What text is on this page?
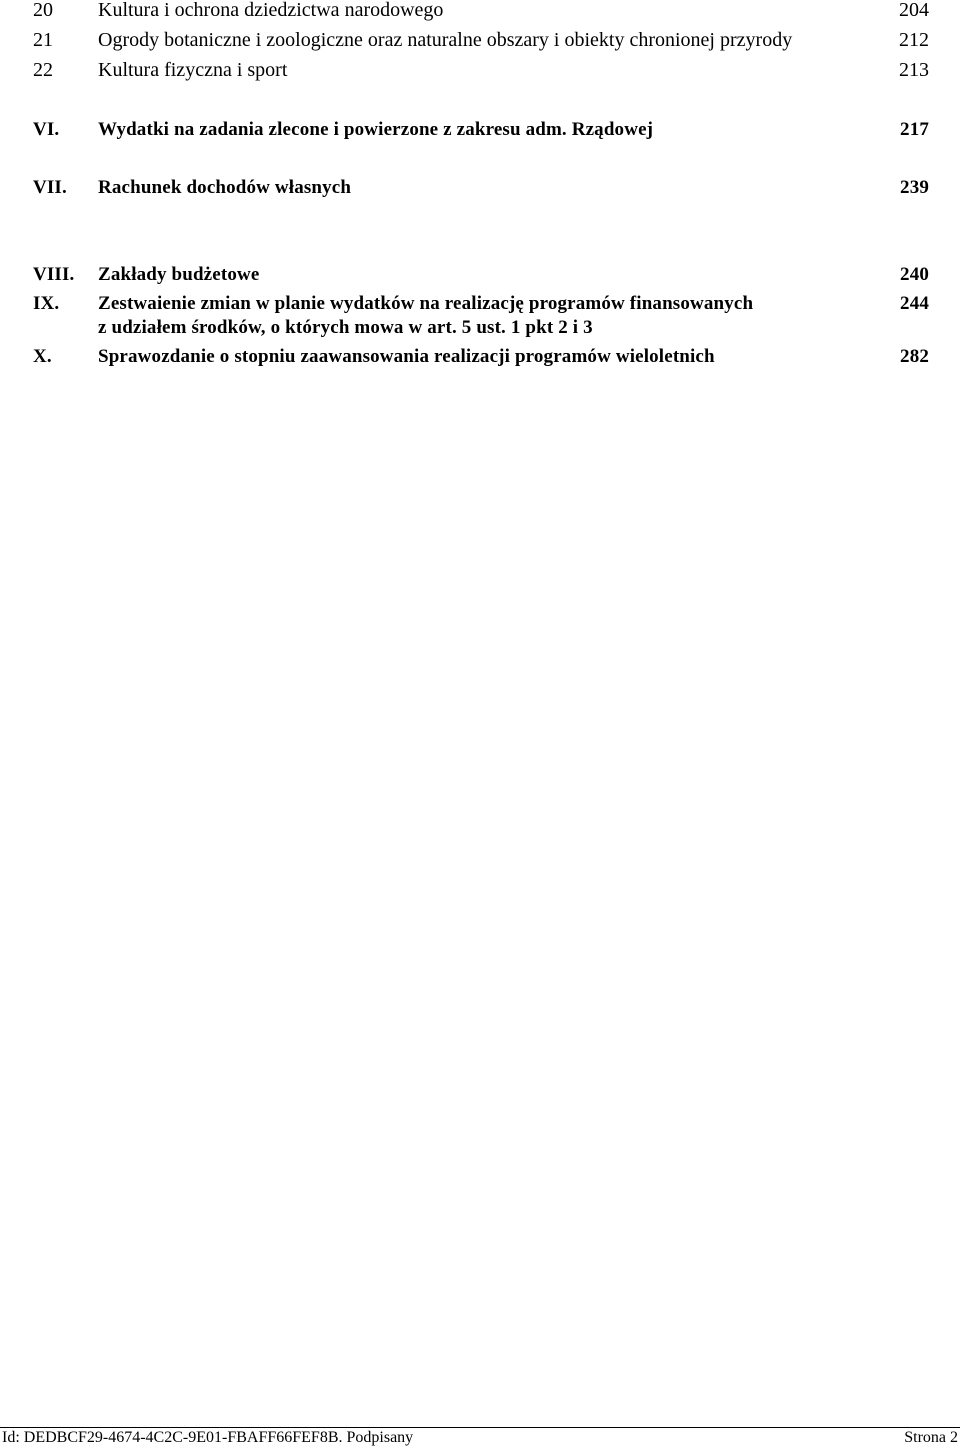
20 Kultura i ochrona dziedzictwa narodowego	204
21 Ogrody botaniczne i zoologiczne oraz naturalne obszary i obiekty chronionej przyrody	212
22 Kultura fizyczna i sport	213
VI. Wydatki na zadania zlecone i powierzone z zakresu adm. Rządowej	217
VII. Rachunek dochodów własnych	239
VIII. Zakłady budżetowe	240
IX. Zestwaienie zmian w planie wydatków na realizację programów finansowanych	244
z udziałem środków, o których mowa w art. 5 ust. 1 pkt 2 i 3
X. Sprawozdanie o stopniu zaawansowania realizacji programów wieloletnich	282
Id: DEDBCF29-4674-4C2C-9E01-FBAFF66FEF8B. Podpisany	Strona 2
